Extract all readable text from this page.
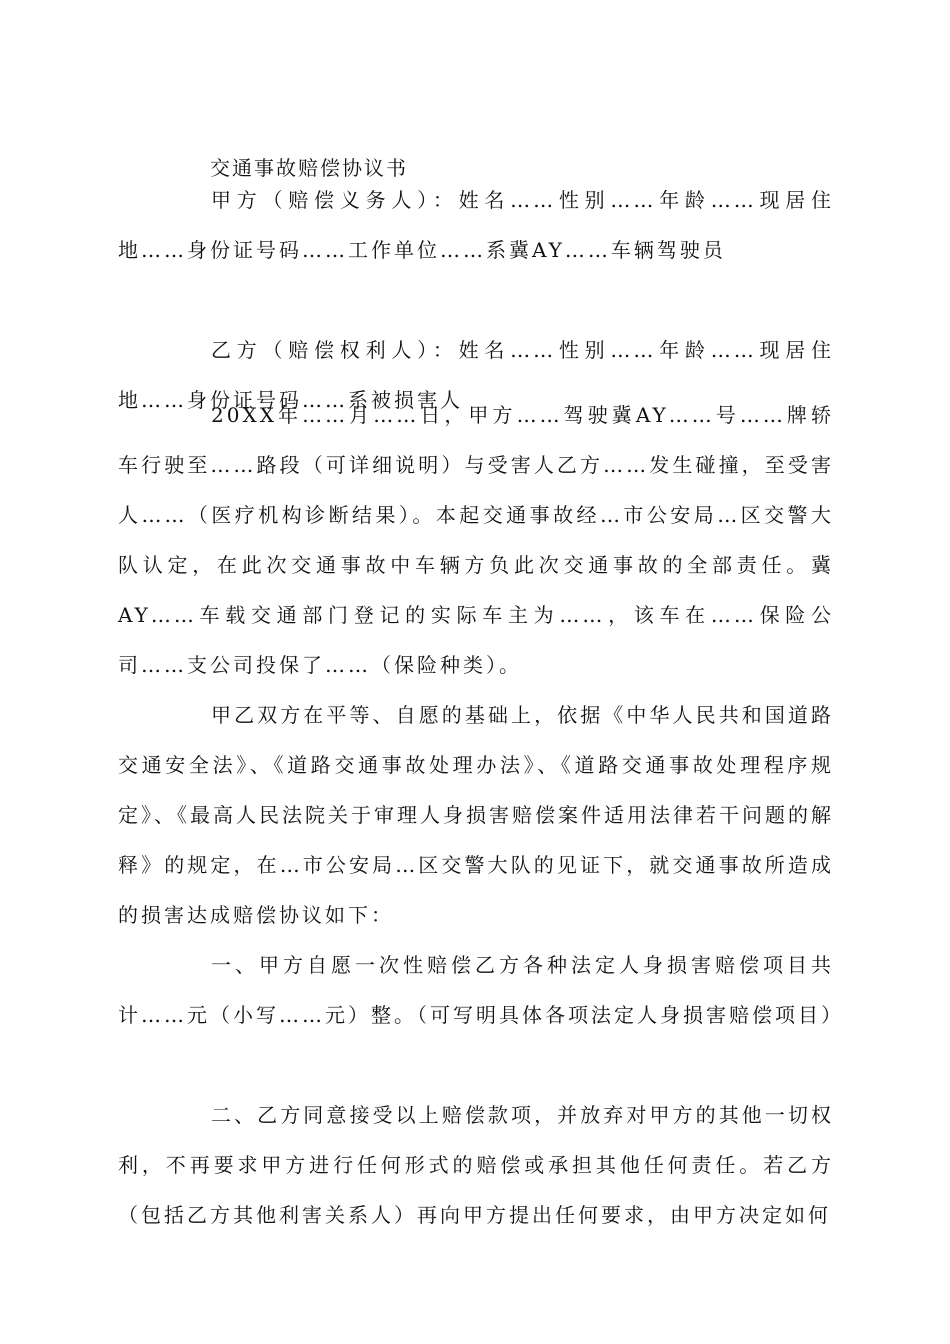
交通事故赔偿协议书

甲方（赔偿义务人）：姓名……性别……年龄……现居住地……身份证号码……工作单位……系冀AY……车辆驾驶员

乙方（赔偿权利人）：姓名……性别……年龄……现居住地……身份证号码……系被损害人

20XX年……月……日，甲方……驾驶冀AY……号……牌轿车行驶至……路段（可详细说明）与受害人乙方……发生碰撞，至受害人……（医疗机构诊断结果）。本起交通事故经…市公安局…区交警大队认定，在此次交通事故中车辆方负此次交通事故的全部责任。冀AY……车载交通部门登记的实际车主为……，该车在……保险公司……支公司投保了……（保险种类）。

甲乙双方在平等、自愿的基础上，依据《中华人民共和国道路交通安全法》、《道路交通事故处理办法》、《道路交通事故处理程序规定》、《最高人民法院关于审理人身损害赔偿案件适用法律若干问题的解释》的规定，在…市公安局…区交警大队的见证下，就交通事故所造成的损害达成赔偿协议如下：

一、甲方自愿一次性赔偿乙方各种法定人身损害赔偿项目共计……元（小写……元）整。（可写明具体各项法定人身损害赔偿项目）

二、乙方同意接受以上赔偿款项，并放弃对甲方的其他一切权利，不再要求甲方进行任何形式的赔偿或承担其他任何责任。若乙方（包括乙方其他利害关系人）再向甲方提出任何要求，由甲方决定如何
